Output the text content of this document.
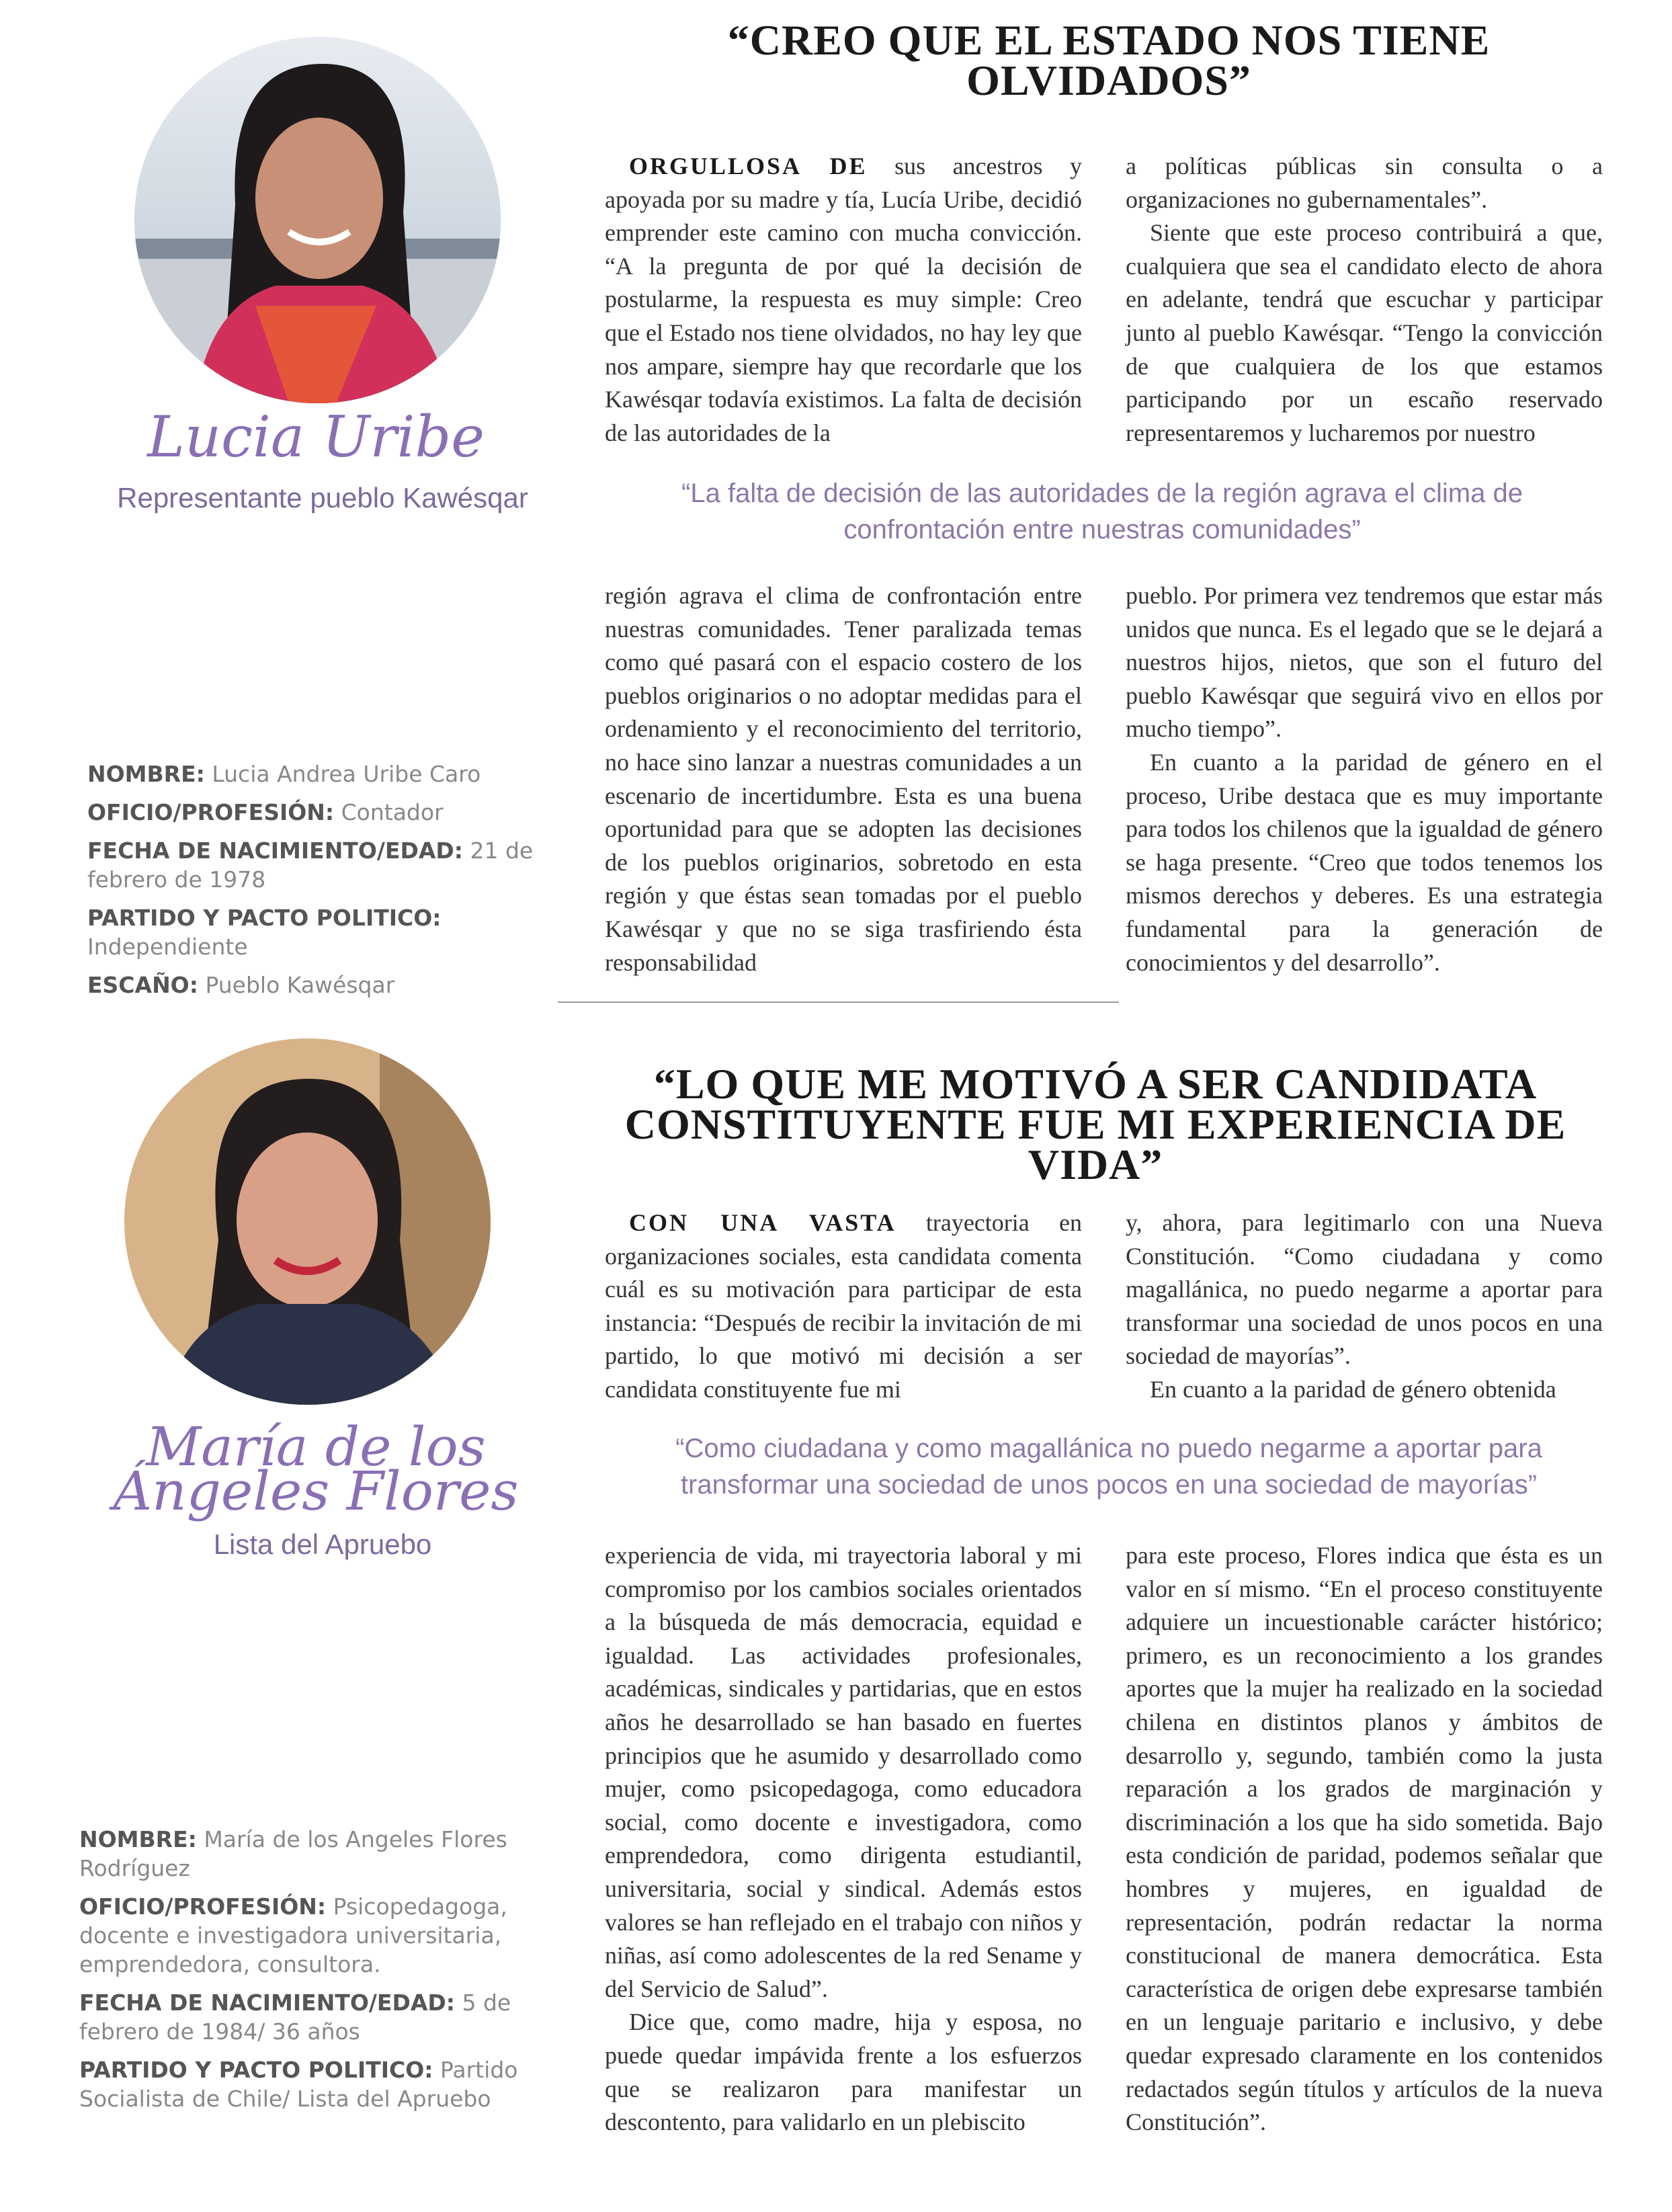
Lucia Uribe
Representante pueblo Kawésqar
NOMBRE: Lucia Andrea Uribe Caro
OFICIO/PROFESIÓN: Contador
FECHA DE NACIMIENTO/EDAD: 21 de febrero de 1978
PARTIDO Y PACTO POLITICO: Independiente
ESCAÑO: Pueblo Kawésqar
“CREO QUE EL ESTADO NOS TIENE
OLVIDADOS”

ORGULLOSA DE sus ancestros y apoyada por su madre y tía, Lucía Uribe, decidió emprender este camino con mucha convicción. “A la pregunta de por qué la decisión de postularme, la respuesta es muy simple: Creo que el Estado nos tiene olvidados, no hay ley que nos ampare, siempre hay que recordarle que los Kawésqar todavía existimos. La falta de decisión de las autoridades de la

a políticas públicas sin consulta o a organizaciones no gubernamentales”.

Siente que este proceso contribuirá a que, cualquiera que sea el candidato electo de ahora en adelante, tendrá que escuchar y participar junto al pueblo Kawésqar. “Tengo la convicción de que cualquiera de los que estamos participando por un escaño reservado representaremos y lucharemos por nuestro

“La falta de decisión de las autoridades de la región agrava el clima de confrontación entre nuestras comunidades”

región agrava el clima de confrontación entre nuestras comunidades. Tener paralizada temas como qué pasará con el espacio costero de los pueblos originarios o no adoptar medidas para el ordenamiento y el reconocimiento del territorio, no hace sino lanzar a nuestras comunidades a un escenario de incertidumbre. Esta es una buena oportunidad para que se adopten las decisiones de los pueblos originarios, sobretodo en esta región y que éstas sean tomadas por el pueblo Kawésqar y que no se siga trasfiriendo ésta responsabilidad

pueblo. Por primera vez tendremos que estar más unidos que nunca. Es el legado que se le dejará a nuestros hijos, nietos, que son el futuro del pueblo Kawésqar que seguirá vivo en ellos por mucho tiempo”.

En cuanto a la paridad de género en el proceso, Uribe destaca que es muy importante para todos los chilenos que la igualdad de género se haga presente. “Creo que todos tenemos los mismos derechos y deberes. Es una estrategia fundamental para la generación de conocimientos y del desarrollo”.

María de los
Ángeles Flores
Lista del Apruebo
NOMBRE: María de los Angeles Flores Rodríguez
OFICIO/PROFESIÓN: Psicopedagoga, docente e investigadora universitaria, emprendedora, consultora.
FECHA DE NACIMIENTO/EDAD: 5 de febrero de 1984/ 36 años
PARTIDO Y PACTO POLITICO: Partido Socialista de Chile/ Lista del Apruebo
“LO QUE ME MOTIVÓ A SER CANDIDATA
CONSTITUYENTE FUE MI EXPERIENCIA DE VIDA”

CON UNA VASTA trayectoria en organizaciones sociales, esta candidata comenta cuál es su motivación para participar de esta instancia: “Después de recibir la invitación de mi partido, lo que motivó mi decisión a ser candidata constituyente fue mi

y, ahora, para legitimarlo con una Nueva Constitución. “Como ciudadana y como magallánica, no puedo negarme a aportar para transformar una sociedad de unos pocos en una sociedad de mayorías”.

En cuanto a la paridad de género obtenida

“Como ciudadana y como magallánica no puedo negarme a aportar para transformar una sociedad de unos pocos en una sociedad de mayorías”

experiencia de vida, mi trayectoria laboral y mi compromiso por los cambios sociales orientados a la búsqueda de más democracia, equidad e igualdad. Las actividades profesionales, académicas, sindicales y partidarias, que en estos años he desarrollado se han basado en fuertes principios que he asumido y desarrollado como mujer, como psicopedagoga, como educadora social, como docente e investigadora, como emprendedora, como dirigenta estudiantil, universitaria, social y sindical. Además estos valores se han reflejado en el trabajo con niños y niñas, así como adolescentes de la red Sename y del Servicio de Salud”.

Dice que, como madre, hija y esposa, no puede quedar impávida frente a los esfuerzos que se realizaron para manifestar un descontento, para validarlo en un plebiscito

para este proceso, Flores indica que ésta es un valor en sí mismo. “En el proceso constituyente adquiere un incuestionable carácter histórico; primero, es un reconocimiento a los grandes aportes que la mujer ha realizado en la sociedad chilena en distintos planos y ámbitos de desarrollo y, segundo, también como la justa reparación a los grados de marginación y discriminación a los que ha sido sometida. Bajo esta condición de paridad, podemos señalar que hombres y mujeres, en igualdad de representación, podrán redactar la norma constitucional de manera democrática. Esta característica de origen debe expresarse también en un lenguaje paritario e inclusivo, y debe quedar expresado claramente en los contenidos redactados según títulos y artículos de la nueva Constitución”.
